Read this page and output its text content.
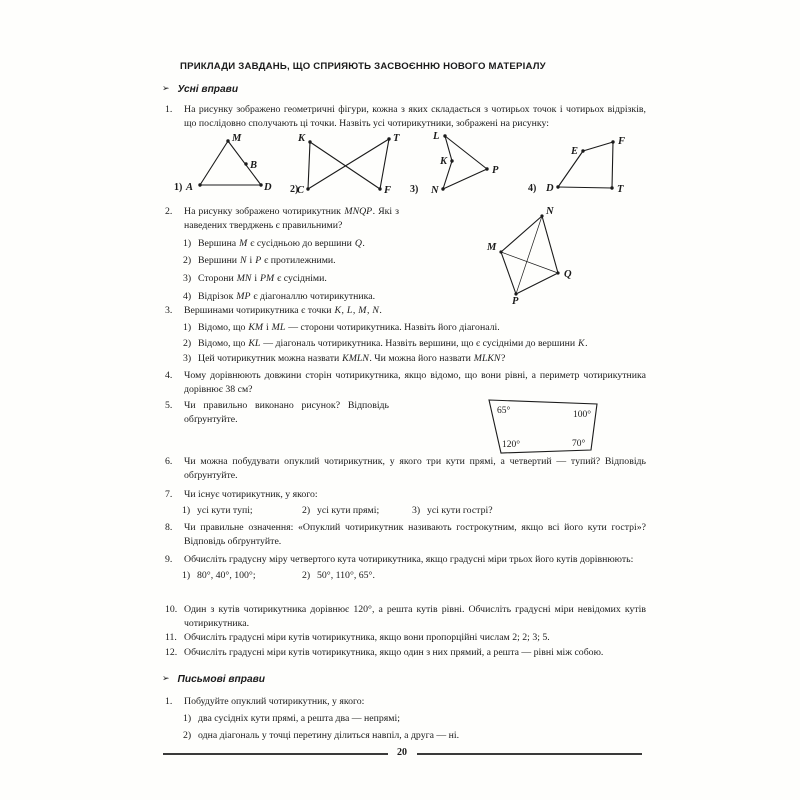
ПРИКЛАДИ ЗАВДАНЬ, ЩО СПРИЯЮТЬ ЗАСВОЄННЮ НОВОГО МАТЕРІАЛУ
➢ Усні вправи
1.	На рисунку зображено геометричні фігури, кожна з яких складається з чотирьох точок і чотирьох відрізків, що послідовно сполучають ці точки. Назвіть усі чотирикутники, зображені на рисунку:
1)
M
B
A	D 2)
K	T
C	F 3)
L
K
P
N	4)
E
F
D	T
2.	На рисунку зображено чотирикутник MNQP. Які з наведених тверджень є правильними?
1) Вершина M є сусідньою до вершини Q.
2) Вершини N і P є протилежними.
3) Сторони MN і PM є сусідніми.
4) Відрізок MP є діагоналлю чотирикутника.
N
M
Q
P
3.	Вершинами чотирикутника є точки K, L, M, N.
1) Відомо, що KM і ML — сторони чотирикутника. Назвіть його діагоналі.
2) Відомо, що KL — діагональ чотирикутника. Назвіть вершини, що є сусідніми до вершини K.
3) Цей чотирикутник можна назвати KMLN. Чи можна його назвати MLKN?
4.	Чому дорівнюють довжини сторін чотирикутника, якщо відомо, що вони рівні, а периметр чотирикутника дорівнює 38 см?
5.	Чи правильно виконано рисунок? Відповідь обґрунтуйте.
65°	100°
120°	70°
6.	Чи можна побудувати опуклий чотирикутник, у якого три кути прямі, а четвертий — тупий? Відповідь обґрунтуйте.
7.	Чи існує чотирикутник, у якого:
1) усі кути тупі;	2) усі кути прямі;	3) усі кути гострі?
8.	Чи правильне означення: «Опуклий чотирикутник називають гострокутним, якщо всі його кути гострі»? Відповідь обґрунтуйте.
9.	Обчисліть градусну міру четвертого кута чотирикутника, якщо градусні міри трьох його кутів дорівнюють:
1) 80°, 40°, 100°;	2) 50°, 110°, 65°.
10. Один з кутів чотирикутника дорівнює 120°, а решта кутів рівні. Обчисліть градусні міри невідомих кутів чотирикутника.
11. Обчисліть градусні міри кутів чотирикутника, якщо вони пропорційні числам 2; 2; 3; 5.
12. Обчисліть градусні міри кутів чотирикутника, якщо один з них прямий, а решта — рівні між собою.
➢ Письмові вправи
1.	Побудуйте опуклий чотирикутник, у якого:
1) два сусідніх кути прямі, а решта два — непрямі;
2) одна діагональ у точці перетину ділиться навпіл, а друга — ні.
20
